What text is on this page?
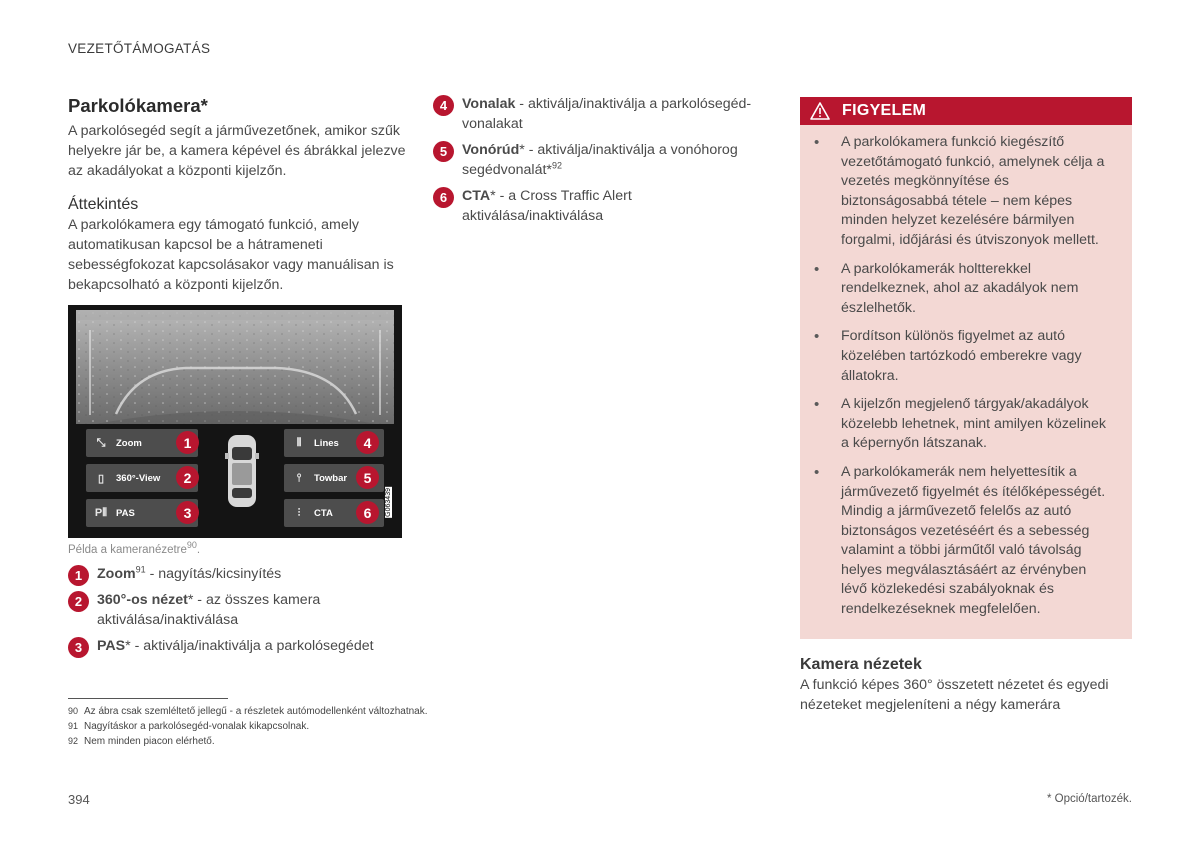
VEZETŐTÁMOGATÁS
Parkolókamera*

A parkolósegéd segít a járművezetőnek, amikor szűk helyekre jár be, a kamera képével és ábrákkal jelezve az akadályokat a központi kijelzőn.

Áttekintés

A parkolókamera egy támogató funkció, amely automatikusan kapcsol be a hátrameneti sebességfokozat kapcsolásakor vagy manuálisan is bekapcsolható a központi kijelzőn.

⤡	Zoom	1
▯	360°-View	2
P⦀ PAS	3
⫴	Lines	4
⫯	Towbar	5
⫶	CTA	6	G063439
Példa a kameranézetre$^{90}$.
1	Zoom$^{91}$ - nagyítás/kicsinyítés
2	360°-os nézet* - az összes kamera aktiválása/inaktiválása
3	PAS* - aktiválja/inaktiválja a parkolósegédet
4	Vonalak - aktiválja/inaktiválja a parkolósegéd-vonalakat
5	Vonórúd* - aktiválja/inaktiválja a vonóhorog segédvonalát*$^{92}$
6	CTA* - a Cross Traffic Alert aktiválása/inaktiválása
FIGYELEM
• A parkolókamera funkció kiegészítő vezetőtámogató funkció, amelynek célja a vezetés megkönnyítése és biztonságosabbá tétele – nem képes minden helyzet kezelésére bármilyen forgalmi, időjárási és útviszonyok mellett.
• A parkolókamerák holtterekkel rendelkeznek, ahol az akadályok nem észlelhetők.
• Fordítson különös figyelmet az autó közelében tartózkodó emberekre vagy állatokra.
• A kijelzőn megjelenő tárgyak/akadályok közelebb lehetnek, mint amilyen közelinek a képernyőn látszanak.
• A parkolókamerák nem helyettesítik a járművezető figyelmét és ítélőképességét. Mindig a járművezető felelős az autó biztonságos vezetéséért és a sebesség valamint a többi járműtől való távolság helyes megválasztásáért az érvényben lévő közlekedési szabályoknak és rendelkezéseknek megfelelően.
Kamera nézetek

A funkció képes 360° összetett nézetet és egyedi nézeteket megjeleníteni a négy kamerára

90 Az ábra csak szemléltető jellegű - a részletek autómodellenként változhatnak.
91 Nagyításkor a parkolósegéd-vonalak kikapcsolnak.
92 Nem minden piacon elérhető.
394	* Opció/tartozék.
